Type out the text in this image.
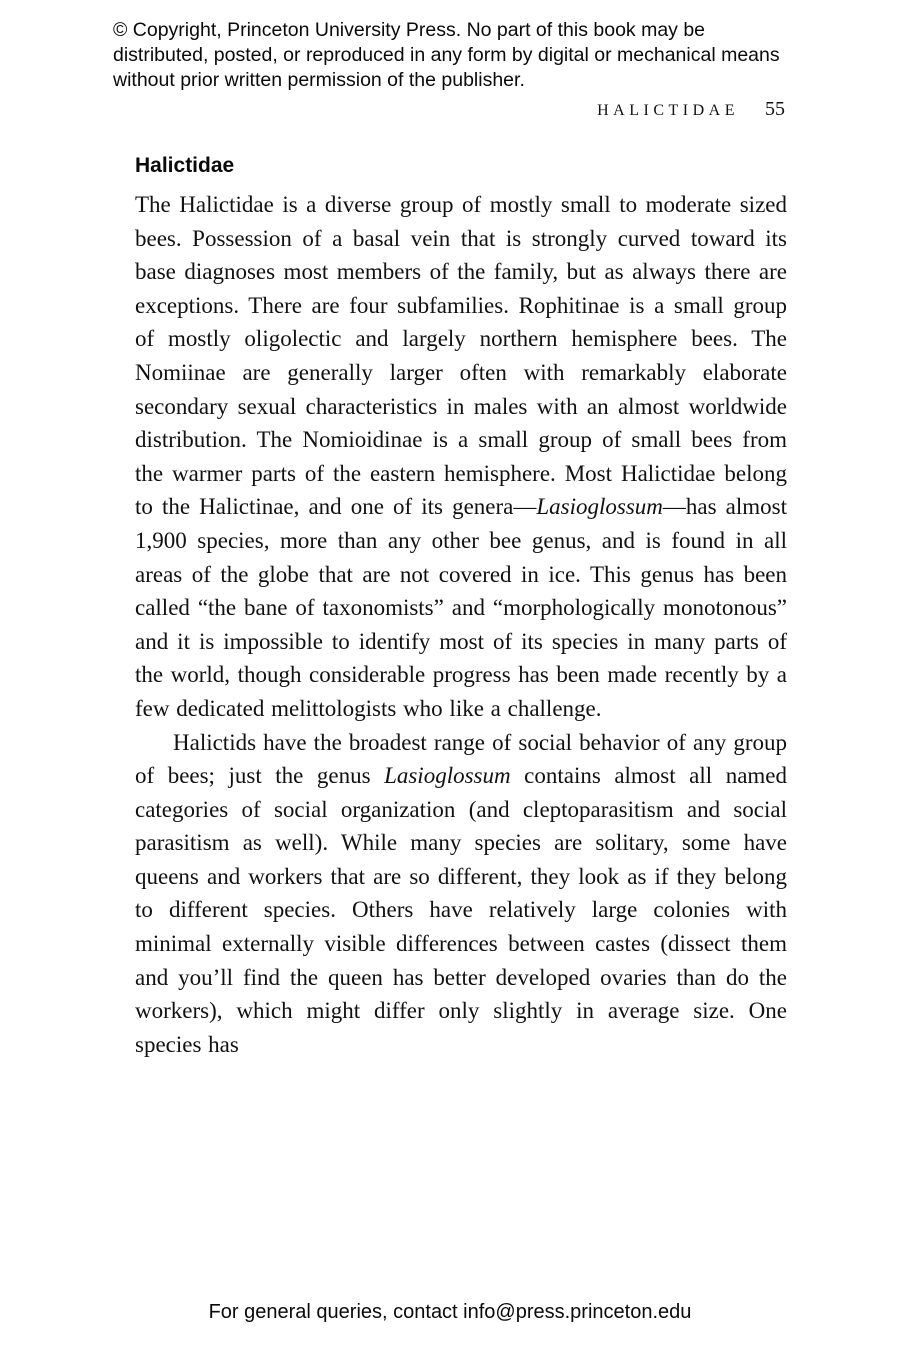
© Copyright, Princeton University Press. No part of this book may be distributed, posted, or reproduced in any form by digital or mechanical means without prior written permission of the publisher.
HALICTIDAE 55
Halictidae

The Halictidae is a diverse group of mostly small to moderate sized bees. Possession of a basal vein that is strongly curved toward its base diagnoses most members of the family, but as always there are exceptions. There are four subfamilies. Rophitinae is a small group of mostly oligolectic and largely northern hemisphere bees. The Nomiinae are generally larger often with remarkably elaborate secondary sexual characteristics in males with an almost worldwide distribution. The Nomioidinae is a small group of small bees from the warmer parts of the eastern hemisphere. Most Halictidae belong to the Halictinae, and one of its genera—Lasioglossum—has almost 1,900 species, more than any other bee genus, and is found in all areas of the globe that are not covered in ice. This genus has been called “the bane of taxonomists” and “morphologically monotonous” and it is impossible to identify most of its species in many parts of the world, though considerable progress has been made recently by a few dedicated melittologists who like a challenge.

Halictids have the broadest range of social behavior of any group of bees; just the genus Lasioglossum contains almost all named categories of social organization (and cleptoparasitism and social parasitism as well). While many species are solitary, some have queens and workers that are so different, they look as if they belong to different species. Others have relatively large colonies with minimal externally visible differences between castes (dissect them and you’ll find the queen has better developed ovaries than do the workers), which might differ only slightly in average size. One species has

For general queries, contact info@press.princeton.edu
